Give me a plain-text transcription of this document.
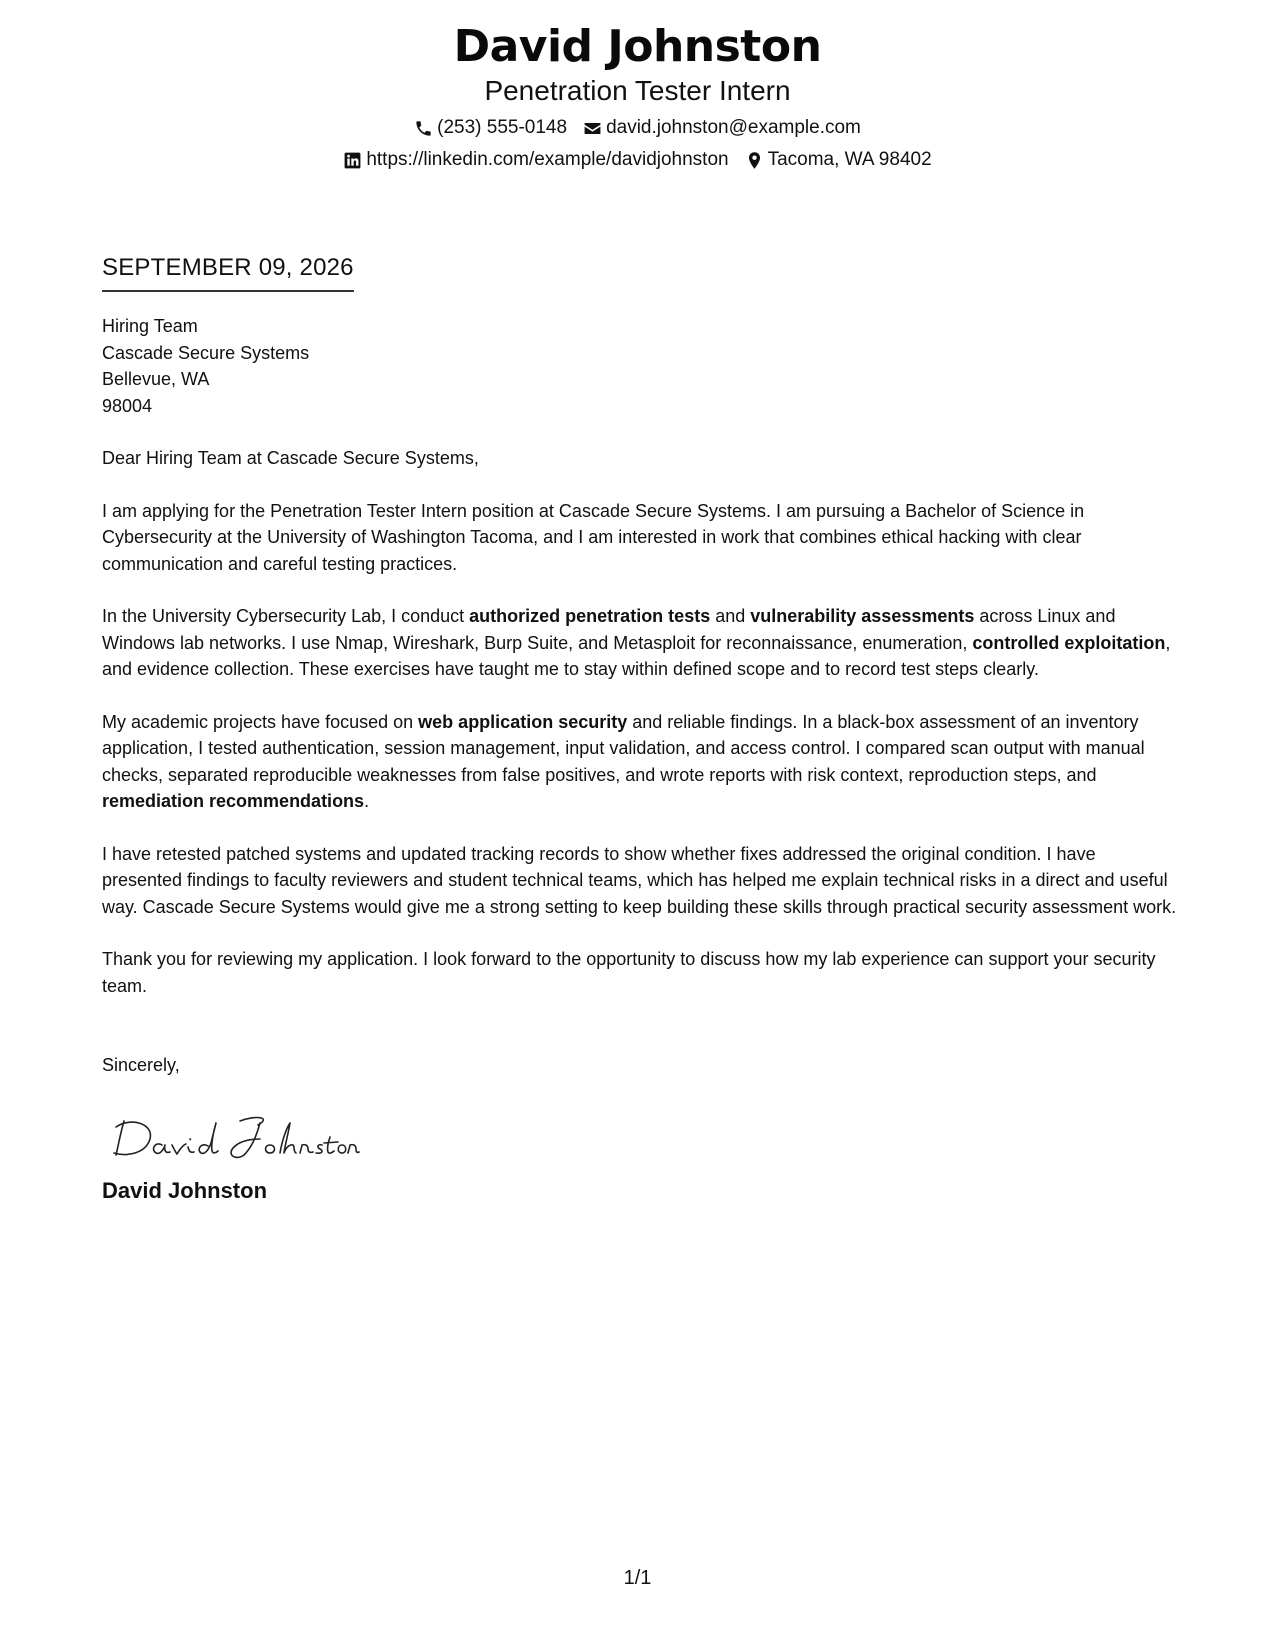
David Johnston
Penetration Tester Intern
(253) 555-0148 david.johnston@example.com
https://linkedin.com/example/davidjohnston Tacoma, WA 98402
SEPTEMBER 09, 2026
Hiring Team
Cascade Secure Systems
Bellevue, WA
98004
Dear Hiring Team at Cascade Secure Systems,
I am applying for the Penetration Tester Intern position at Cascade Secure Systems. I am pursuing a Bachelor of Science in Cybersecurity at the University of Washington Tacoma, and I am interested in work that combines ethical hacking with clear communication and careful testing practices.
In the University Cybersecurity Lab, I conduct authorized penetration tests and vulnerability assessments across Linux and Windows lab networks. I use Nmap, Wireshark, Burp Suite, and Metasploit for reconnaissance, enumeration, controlled exploitation, and evidence collection. These exercises have taught me to stay within defined scope and to record test steps clearly.
My academic projects have focused on web application security and reliable findings. In a black-box assessment of an inventory application, I tested authentication, session management, input validation, and access control. I compared scan output with manual checks, separated reproducible weaknesses from false positives, and wrote reports with risk context, reproduction steps, and remediation recommendations.
I have retested patched systems and updated tracking records to show whether fixes addressed the original condition. I have presented findings to faculty reviewers and student technical teams, which has helped me explain technical risks in a direct and useful way. Cascade Secure Systems would give me a strong setting to keep building these skills through practical security assessment work.
Thank you for reviewing my application. I look forward to the opportunity to discuss how my lab experience can support your security team.
Sincerely,
David Johnston
1/1
